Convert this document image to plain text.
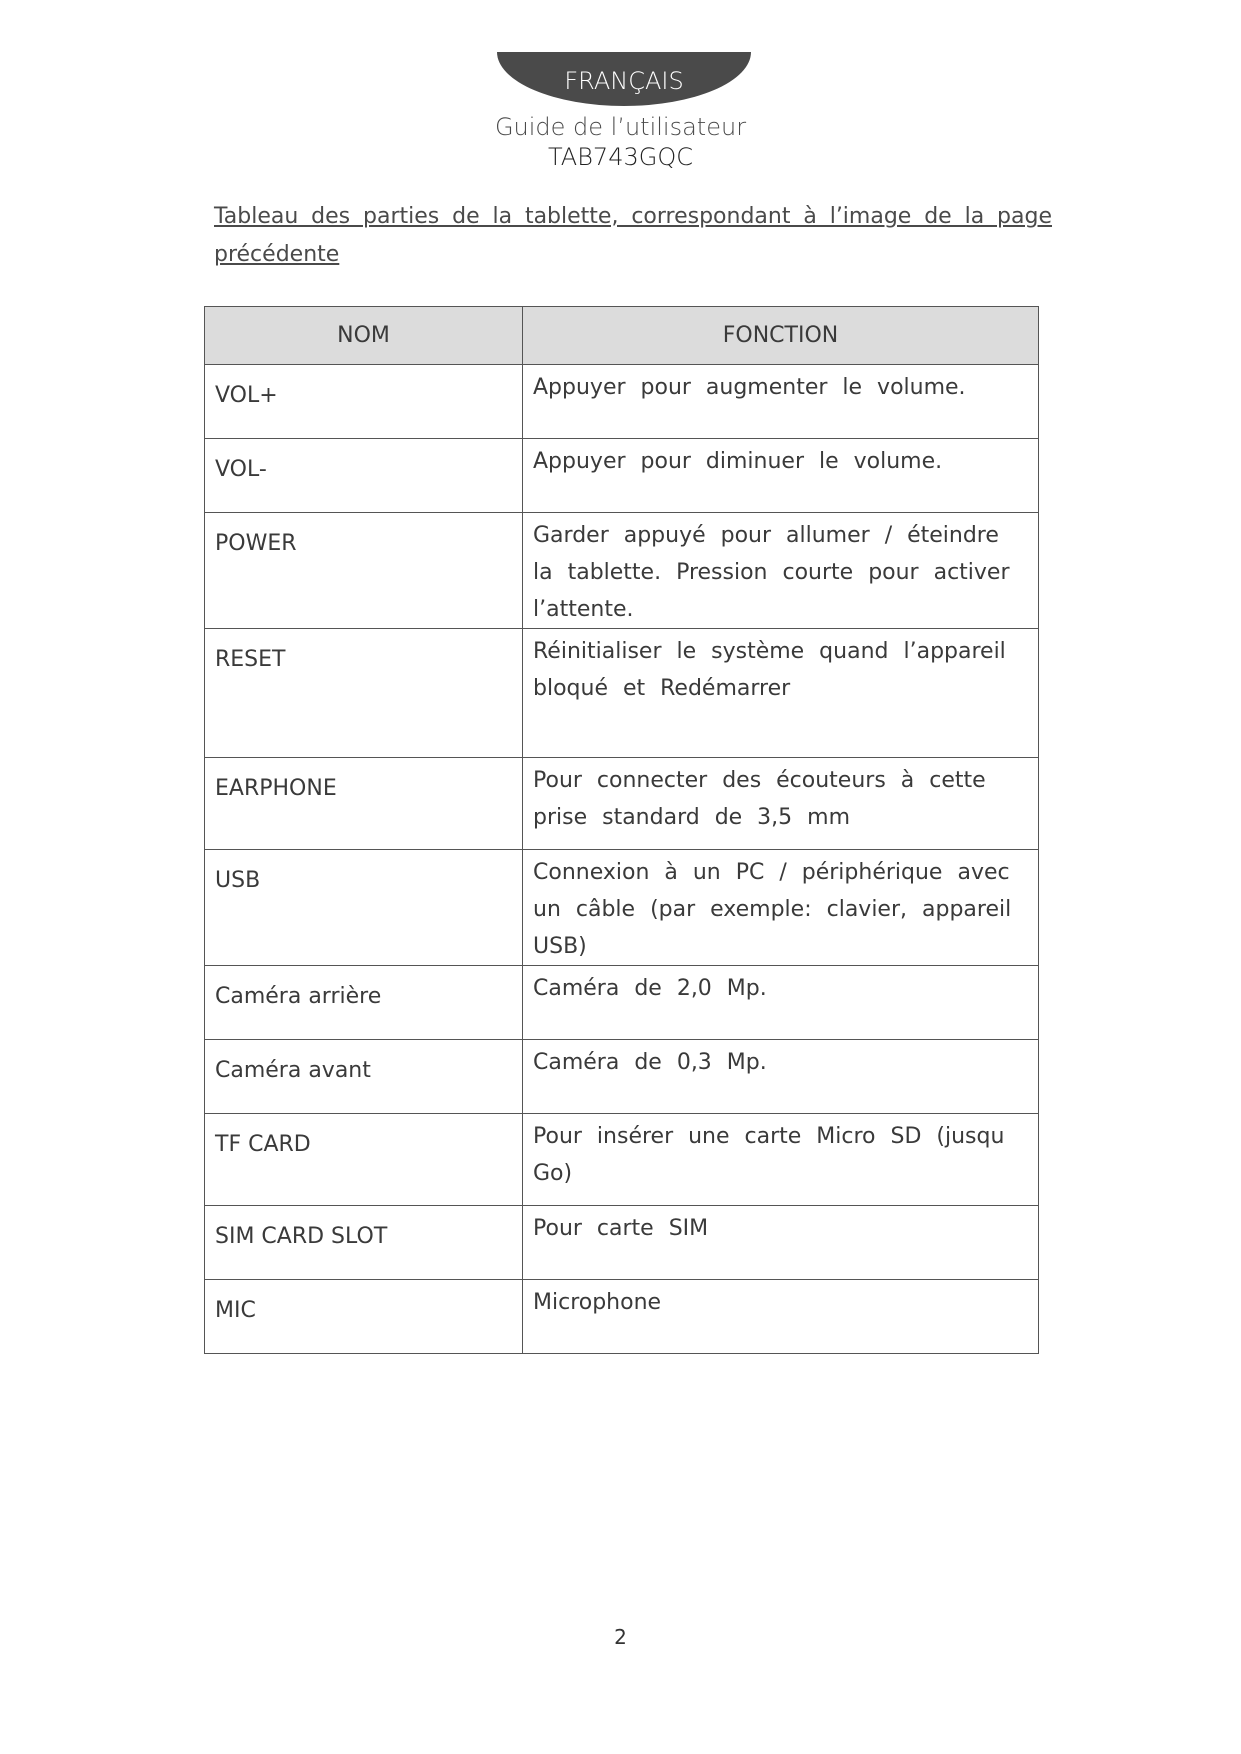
FRANÇAIS
Guide de l’utilisateur
TAB743GQC
Tableau des parties de la tablette, correspondant à l’image de la page précédente
NOM	FONCTION
VOL+	Appuyer pour augmenter le volume.
VOL-	Appuyer pour diminuer le volume.
POWER	Garder appuyé pour allumer / éteindre la tablette. Pression courte pour activer l’attente.
RESET	Réinitialiser le système quand l’appareil bloqué et Redémarrer
EARPHONE	Pour connecter des écouteurs à cette prise standard de 3,5 mm
USB	Connexion à un PC / périphérique avec un câble (par exemple: clavier, appareil USB)
Caméra arrière	Caméra de 2,0 Mp.
Caméra avant	Caméra de 0,3 Mp.
TF CARD	Pour insérer une carte Micro SD (jusqu Go)
SIM CARD SLOT	Pour carte SIM
MIC	Microphone
2
